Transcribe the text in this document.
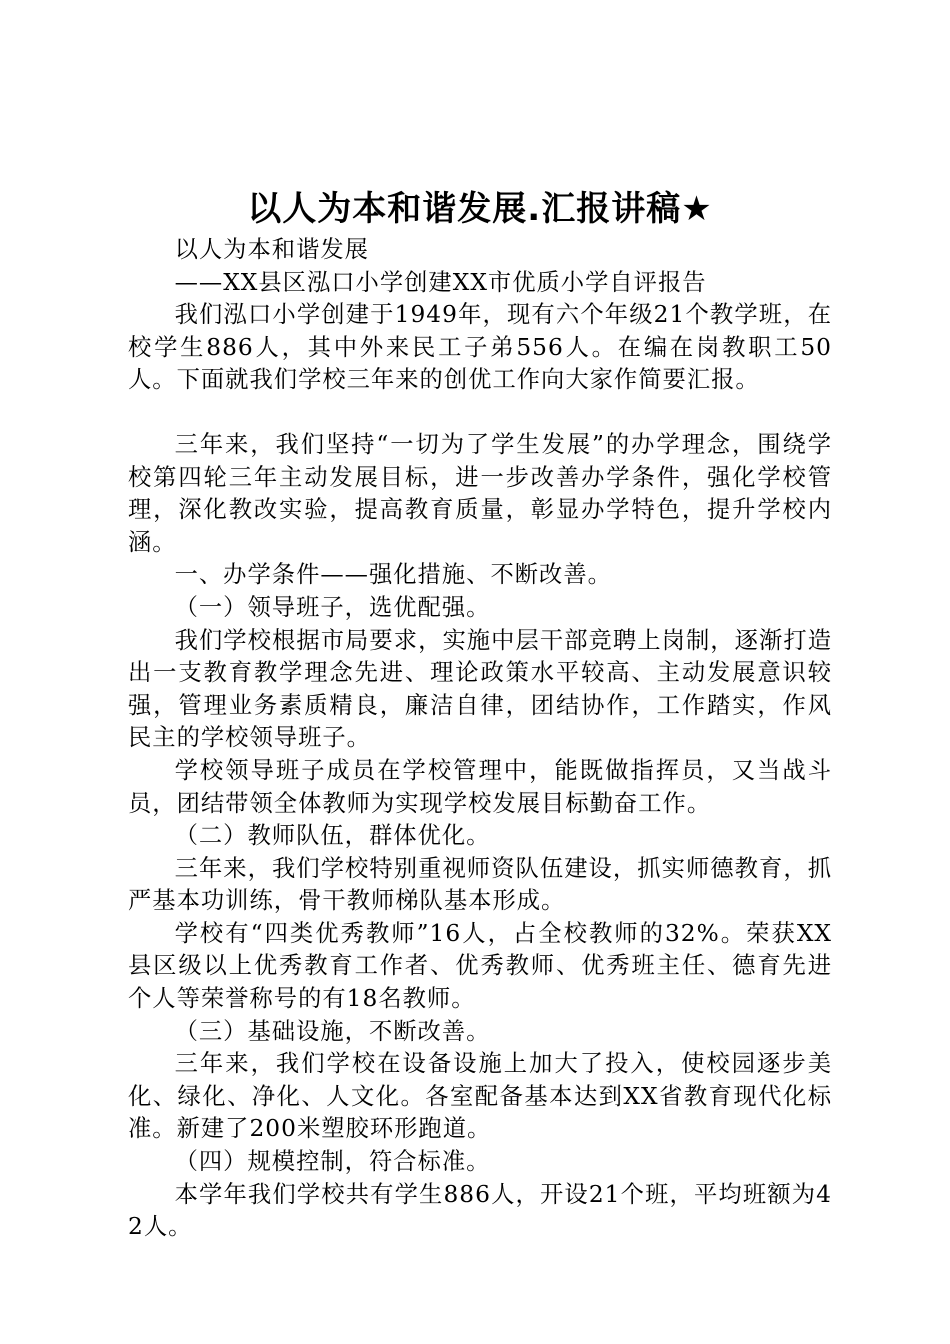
以人为本和谐发展.汇报讲稿★

以人为本和谐发展

——XX县区泓口小学创建XX市优质小学自评报告

我们泓口小学创建于1949年，现有六个年级21个教学班，在校学生886人，其中外来民工子弟556人。在编在岗教职工50人。下面就我们学校三年来的创优工作向大家作简要汇报。

三年来，我们坚持“一切为了学生发展”的办学理念，围绕学校第四轮三年主动发展目标，进一步改善办学条件，强化学校管理，深化教改实验，提高教育质量，彰显办学特色，提升学校内涵。

一、办学条件——强化措施、不断改善。

（一）领导班子，选优配强。

我们学校根据市局要求，实施中层干部竞聘上岗制，逐渐打造出一支教育教学理念先进、理论政策水平较高、主动发展意识较强，管理业务素质精良，廉洁自律，团结协作，工作踏实，作风民主的学校领导班子。

学校领导班子成员在学校管理中，能既做指挥员，又当战斗员，团结带领全体教师为实现学校发展目标勤奋工作。

（二）教师队伍，群体优化。

三年来，我们学校特别重视师资队伍建设，抓实师德教育，抓严基本功训练，骨干教师梯队基本形成。

学校有“四类优秀教师”16人，占全校教师的32%。荣获XX县区级以上优秀教育工作者、优秀教师、优秀班主任、德育先进个人等荣誉称号的有18名教师。

（三）基础设施，不断改善。

三年来，我们学校在设备设施上加大了投入，使校园逐步美化、绿化、净化、人文化。各室配备基本达到XX省教育现代化标准。新建了200米塑胶环形跑道。

（四）规模控制，符合标准。

本学年我们学校共有学生886人，开设21个班，平均班额为42人。
